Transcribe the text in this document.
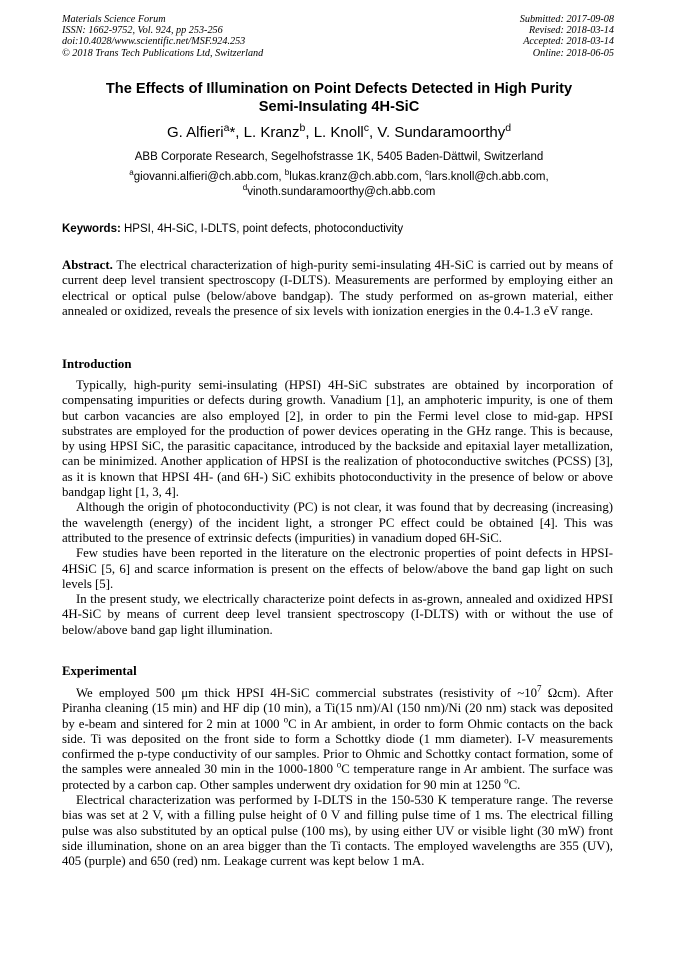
Materials Science Forum
ISSN: 1662-9752, Vol. 924, pp 253-256
doi:10.4028/www.scientific.net/MSF.924.253
© 2018 Trans Tech Publications Ltd, Switzerland
Submitted: 2017-09-08
Revised: 2018-03-14
Accepted: 2018-03-14
Online: 2018-06-05
The Effects of Illumination on Point Defects Detected in High Purity
Semi-Insulating 4H-SiC
G. Alfieri$^a$*, L. Kranz$^b$, L. Knoll$^c$, V. Sundaramoorthy$^d$
ABB Corporate Research, Segelhofstrasse 1K, 5405 Baden-Dättwil, Switzerland
$^a$giovanni.alfieri@ch.abb.com, $^b$lukas.kranz@ch.abb.com, $^c$lars.knoll@ch.abb.com,
$^d$vinoth.sundaramoorthy@ch.abb.com
Keywords: HPSI, 4H-SiC, I-DLTS, point defects, photoconductivity
Abstract. The electrical characterization of high-purity semi-insulating 4H-SiC is carried out by means of current deep level transient spectroscopy (I-DLTS). Measurements are performed by employing either an electrical or optical pulse (below/above bandgap). The study performed on as-grown material, either annealed or oxidized, reveals the presence of six levels with ionization energies in the 0.4-1.3 eV range.
Introduction

Typically, high-purity semi-insulating (HPSI) 4H-SiC substrates are obtained by incorporation of compensating impurities or defects during growth. Vanadium [1], an amphoteric impurity, is one of them but carbon vacancies are also employed [2], in order to pin the Fermi level close to mid-gap. HPSI substrates are employed for the production of power devices operating in the GHz range. This is because, by using HPSI SiC, the parasitic capacitance, introduced by the backside and epitaxial layer metallization, can be minimized. Another application of HPSI is the realization of photoconductive switches (PCSS) [3], as it is known that HPSI 4H- (and 6H-) SiC exhibits photoconductivity in the presence of below or above bandgap light [1, 3, 4].

Although the origin of photoconductivity (PC) is not clear, it was found that by decreasing (increasing) the wavelength (energy) of the incident light, a stronger PC effect could be obtained [4]. This was attributed to the presence of extrinsic defects (impurities) in vanadium doped 6H-SiC.

Few studies have been reported in the literature on the electronic properties of point defects in HPSI-4HSiC [5, 6] and scarce information is present on the effects of below/above the band gap light on such levels [5].

In the present study, we electrically characterize point defects in as-grown, annealed and oxidized HPSI 4H-SiC by means of current deep level transient spectroscopy (I-DLTS) with or without the use of below/above band gap light illumination.

Experimental

We employed 500 μm thick HPSI 4H-SiC commercial substrates (resistivity of $\sim 10^7$ Ωcm). After Piranha cleaning (15 min) and HF dip (10 min), a Ti(15 nm)/Al (150 nm)/Ni (20 nm) stack was deposited by e-beam and sintered for 2 min at 1000 $^o$C in Ar ambient, in order to form Ohmic contacts on the back side. Ti was deposited on the front side to form a Schottky diode (1 mm diameter). I-V measurements confirmed the p-type conductivity of our samples. Prior to Ohmic and Schottky contact formation, some of the samples were annealed 30 min in the 1000-1800 $^o$C temperature range in Ar ambient. The surface was protected by a carbon cap. Other samples underwent dry oxidation for 90 min at 1250 $^o$C.

Electrical characterization was performed by I-DLTS in the 150-530 K temperature range. The reverse bias was set at 2 V, with a filling pulse height of 0 V and filling pulse time of 1 ms. The electrical filling pulse was also substituted by an optical pulse (100 ms), by using either UV or visible light (30 mW) front side illumination, shone on an area bigger than the Ti contacts. The employed wavelengths are 355 (UV), 405 (purple) and 650 (red) nm. Leakage current was kept below 1 mA.
